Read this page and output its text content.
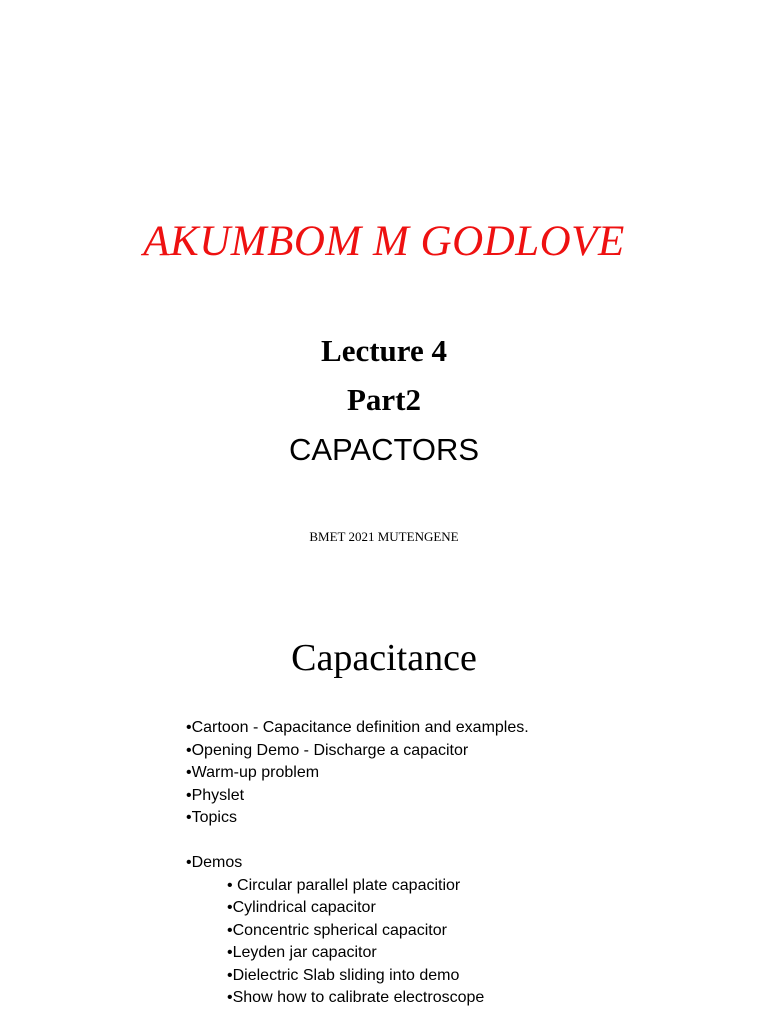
AKUMBOM M GODLOVE
Lecture 4
Part2
CAPACTORS
BMET 2021 MUTENGENE
Capacitance
•Cartoon - Capacitance definition and examples.
•Opening Demo - Discharge a capacitor
•Warm-up problem
•Physlet
•Topics
•Demos
• Circular parallel plate capacitior
•Cylindrical capacitor
•Concentric spherical capacitor
•Leyden jar capacitor
•Dielectric Slab sliding into demo
•Show how to calibrate electroscope
